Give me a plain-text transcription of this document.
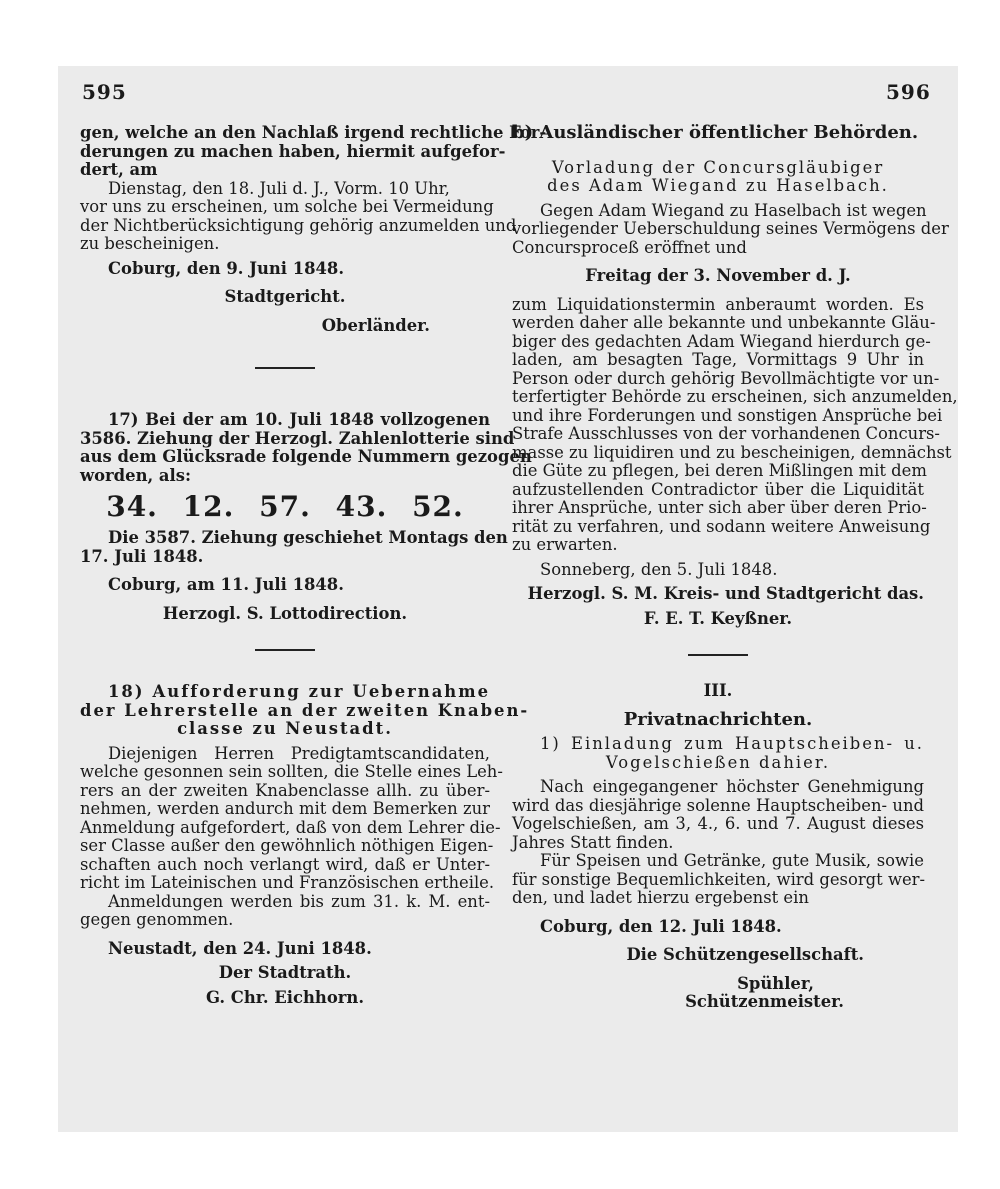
595	596
gen, welche an den Nachlaß irgend rechtliche For-
derungen zu machen haben, hiermit aufgefor-
dert, am
Dienstag, den 18. Juli d. J., Vorm. 10 Uhr,
vor uns zu erscheinen, um solche bei Vermeidung
der Nichtberücksichtigung gehörig anzumelden und
zu bescheinigen.
Coburg, den 9. Juni 1848.
Stadtgericht.
Oberländer.
17) Bei der am 10. Juli 1848 vollzogenen
3586. Ziehung der Herzogl. Zahlenlotterie sind
aus dem Glücksrade folgende Nummern gezogen
worden, als:
34. 12. 57. 43. 52.
Die 3587. Ziehung geschiehet Montags den
17. Juli 1848.
Coburg, am 11. Juli 1848.
Herzogl. S. Lottodirection.
18) Aufforderung zur Uebernahme
der Lehrerstelle an der zweiten Knaben-
classe zu Neustadt.
Diejenigen Herren Predigtamtscandidaten,
welche gesonnen sein sollten, die Stelle eines Leh-
rers an der zweiten Knabenclasse allh. zu über-
nehmen, werden andurch mit dem Bemerken zur
Anmeldung aufgefordert, daß von dem Lehrer die-
ser Classe außer den gewöhnlich nöthigen Eigen-
schaften auch noch verlangt wird, daß er Unter-
richt im Lateinischen und Französischen ertheile.
Anmeldungen werden bis zum 31. k. M. ent-
gegen genommen.
Neustadt, den 24. Juni 1848.
Der Stadtrath.
G. Chr. Eichhorn.
b) Ausländischer öffentlicher Behörden.
Vorladung der Concursgläubiger
des Adam Wiegand zu Haselbach.
Gegen Adam Wiegand zu Haselbach ist wegen
vorliegender Ueberschuldung seines Vermögens der
Concursproceß eröffnet und
Freitag der 3. November d. J.
zum Liquidationstermin anberaumt worden. Es
werden daher alle bekannte und unbekannte Gläu-
biger des gedachten Adam Wiegand hierdurch ge-
laden, am besagten Tage, Vormittags 9 Uhr in
Person oder durch gehörig Bevollmächtigte vor un-
terfertigter Behörde zu erscheinen, sich anzumelden,
und ihre Forderungen und sonstigen Ansprüche bei
Strafe Ausschlusses von der vorhandenen Concurs-
masse zu liquidiren und zu bescheinigen, demnächst
die Güte zu pflegen, bei deren Mißlingen mit dem
aufzustellenden Contradictor über die Liquidität
ihrer Ansprüche, unter sich aber über deren Prio-
rität zu verfahren, und sodann weitere Anweisung
zu erwarten.
Sonneberg, den 5. Juli 1848.
Herzogl. S. M. Kreis- und Stadtgericht das.
F. E. T. Keyßner.
III.
Privatnachrichten.
1) Einladung zum Hauptscheiben- u.
Vogelschießen dahier.
Nach eingegangener höchster Genehmigung
wird das diesjährige solenne Hauptscheiben- und
Vogelschießen, am 3, 4., 6. und 7. August dieses
Jahres Statt finden.
Für Speisen und Getränke, gute Musik, sowie
für sonstige Bequemlichkeiten, wird gesorgt wer-
den, und ladet hierzu ergebenst ein
Coburg, den 12. Juli 1848.
Die Schützengesellschaft.
Spühler,
Schützenmeister.
